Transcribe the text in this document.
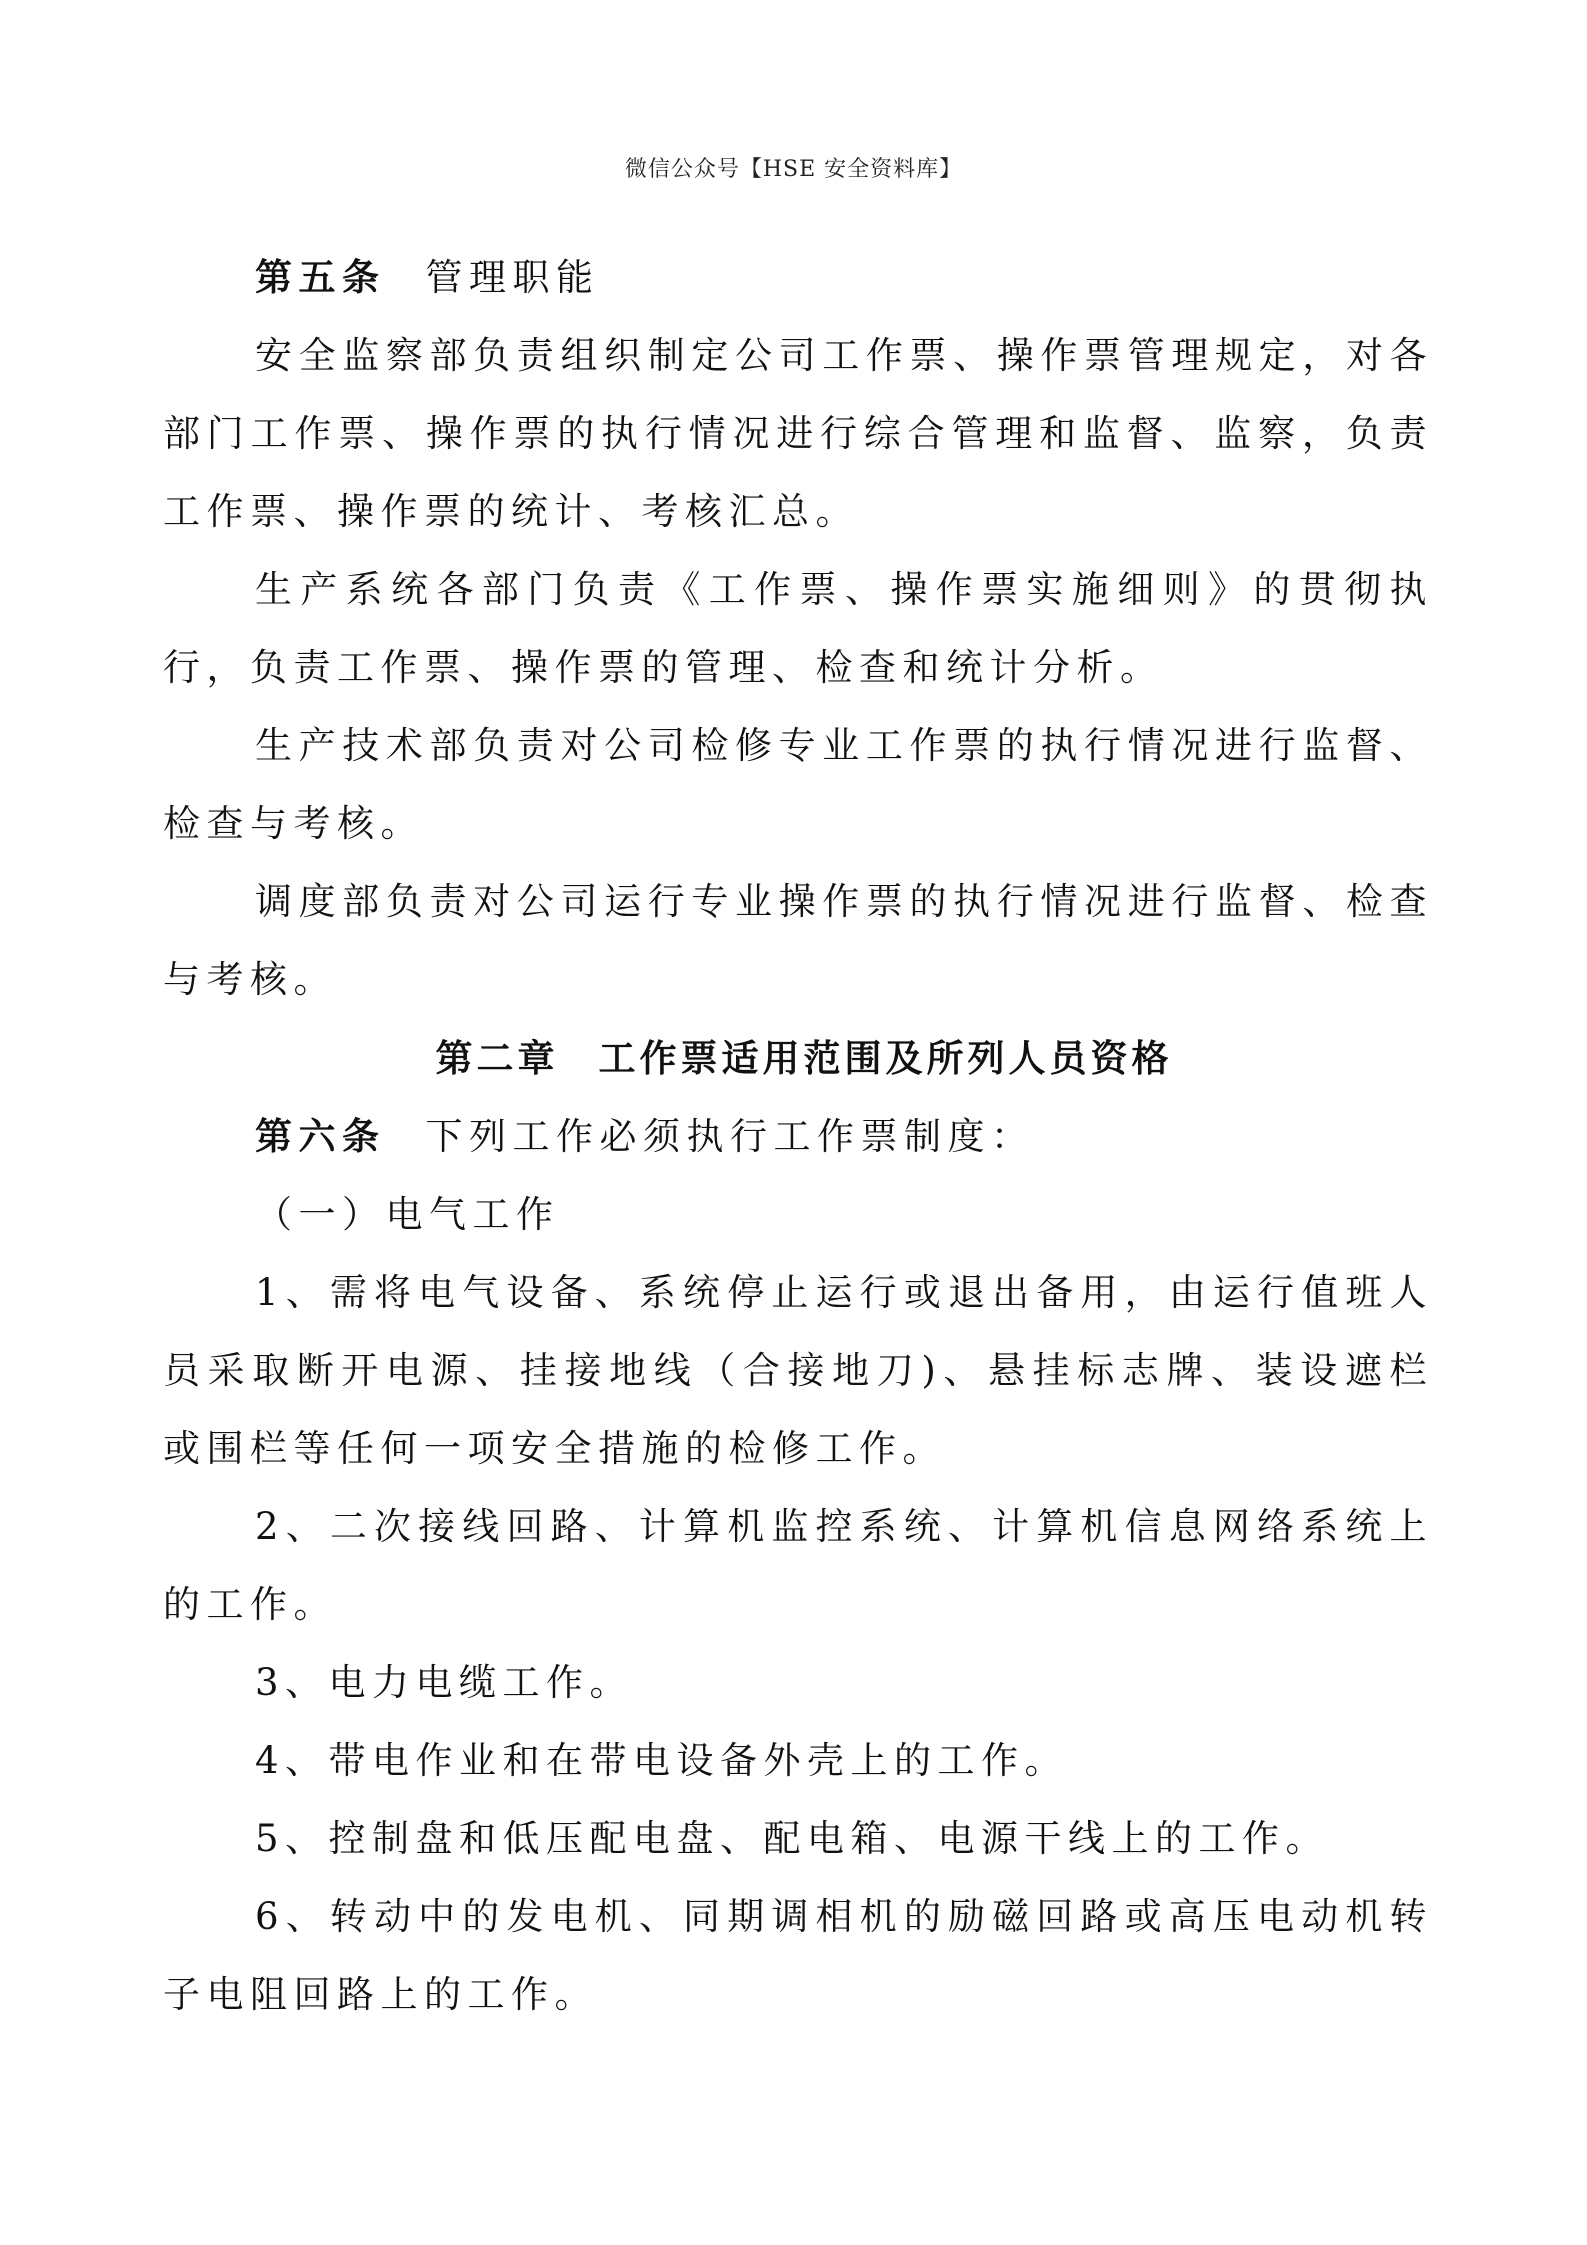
微信公众号【HSE 安全资料库】

第五条 管理职能

安全监察部负责组织制定公司工作票、操作票管理规定，对各部门工作票、操作票的执行情况进行综合管理和监督、监察，负责工作票、操作票的统计、考核汇总。

生产系统各部门负责《工作票、操作票实施细则》的贯彻执行，负责工作票、操作票的管理、检查和统计分析。

生产技术部负责对公司检修专业工作票的执行情况进行监督、检查与考核。

调度部负责对公司运行专业操作票的执行情况进行监督、检查与考核。

第二章 工作票适用范围及所列人员资格

第六条 下列工作必须执行工作票制度：

（一）电气工作

1、需将电气设备、系统停止运行或退出备用，由运行值班人员采取断开电源、挂接地线（合接地刀)、悬挂标志牌、装设遮栏或围栏等任何一项安全措施的检修工作。

2、二次接线回路、计算机监控系统、计算机信息网络系统上的工作。

3、电力电缆工作。

4、带电作业和在带电设备外壳上的工作。

5、控制盘和低压配电盘、配电箱、电源干线上的工作。

6、转动中的发电机、同期调相机的励磁回路或高压电动机转子电阻回路上的工作。
